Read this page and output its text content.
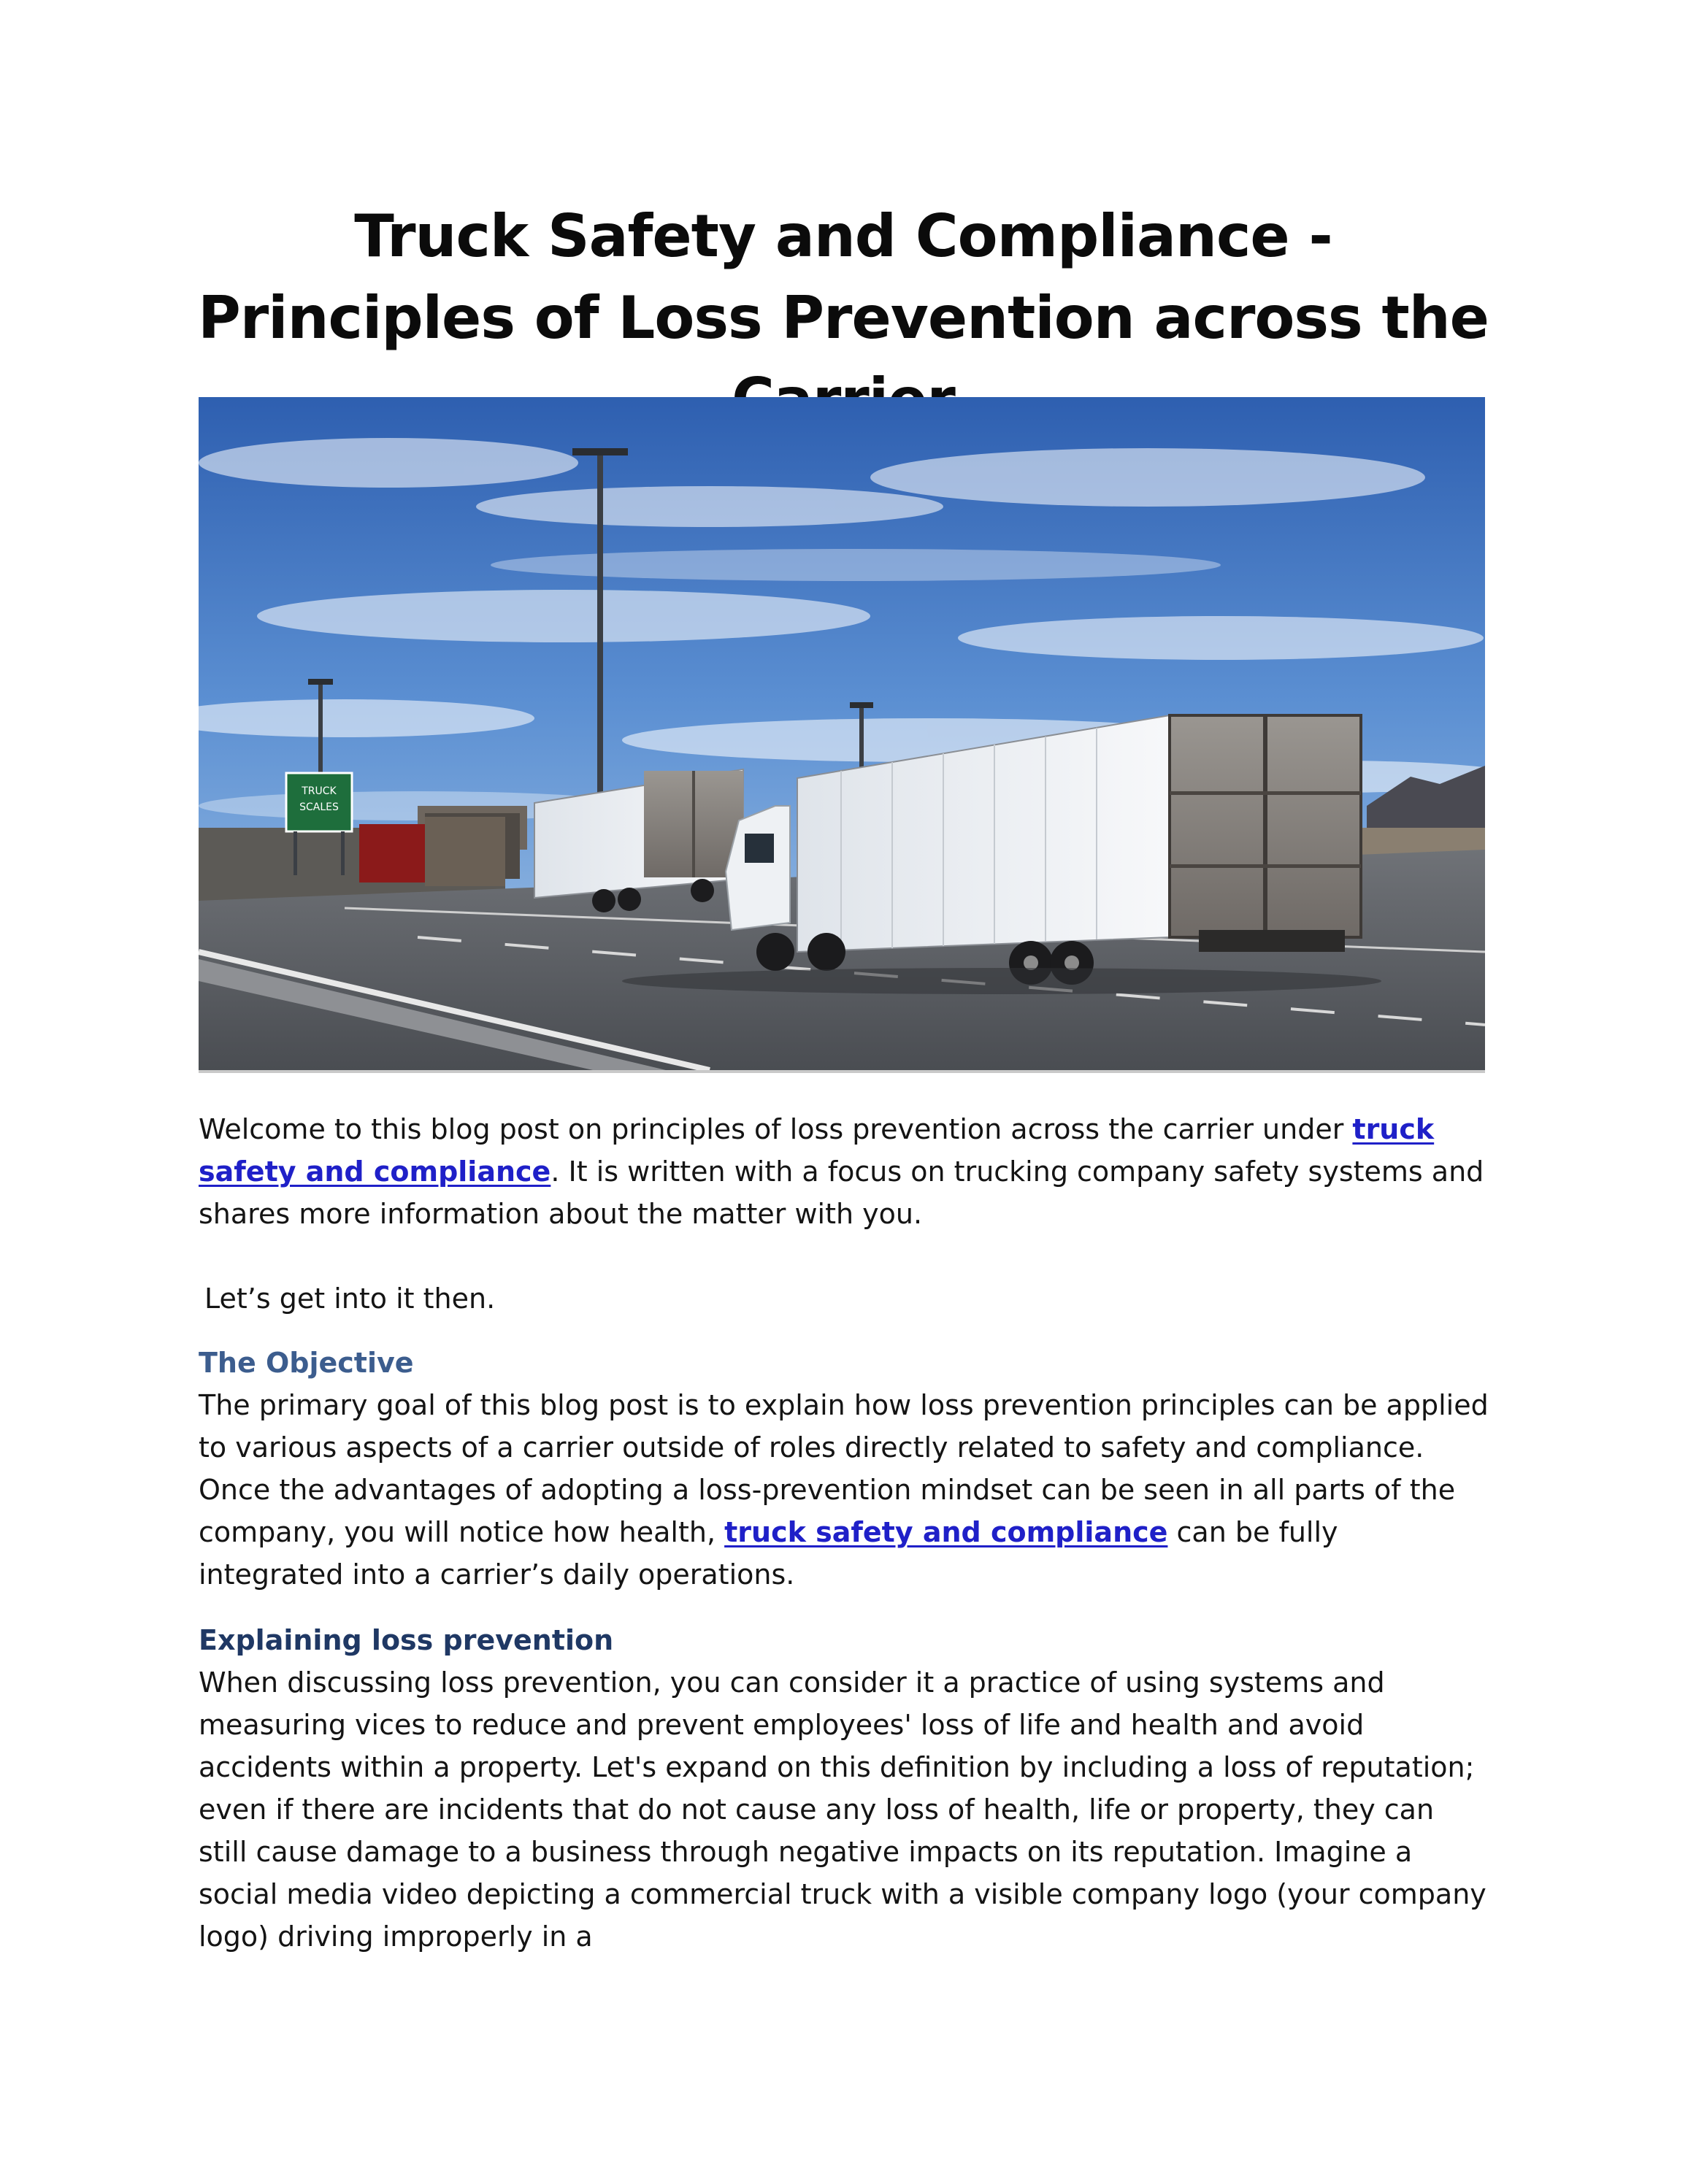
Truck Safety and Compliance - Principles of Loss Prevention across the
TRUCK
SCALES

Welcome to this blog post on principles of loss prevention across the carrier under truck safety and compliance. It is written with a focus on trucking company safety systems and shares more information about the matter with you.

Let’s get into it then.

The Objective

The primary goal of this blog post is to explain how loss prevention principles can be applied to various aspects of a carrier outside of roles directly related to safety and compliance. Once the advantages of adopting a loss-prevention mindset can be seen in all parts of the company, you will notice how health, truck safety and compliance can be fully integrated into a carrier’s daily operations.

Explaining loss prevention

When discussing loss prevention, you can consider it a practice of using systems and measuring vices to reduce and prevent employees' loss of life and health and avoid accidents within a property. Let's expand on this definition by including a loss of reputation; even if there are incidents that do not cause any loss of health, life or property, they can still cause damage to a business through negative impacts on its reputation. Imagine a social media video depicting a commercial truck with a visible company logo (your company logo) driving improperly in a
